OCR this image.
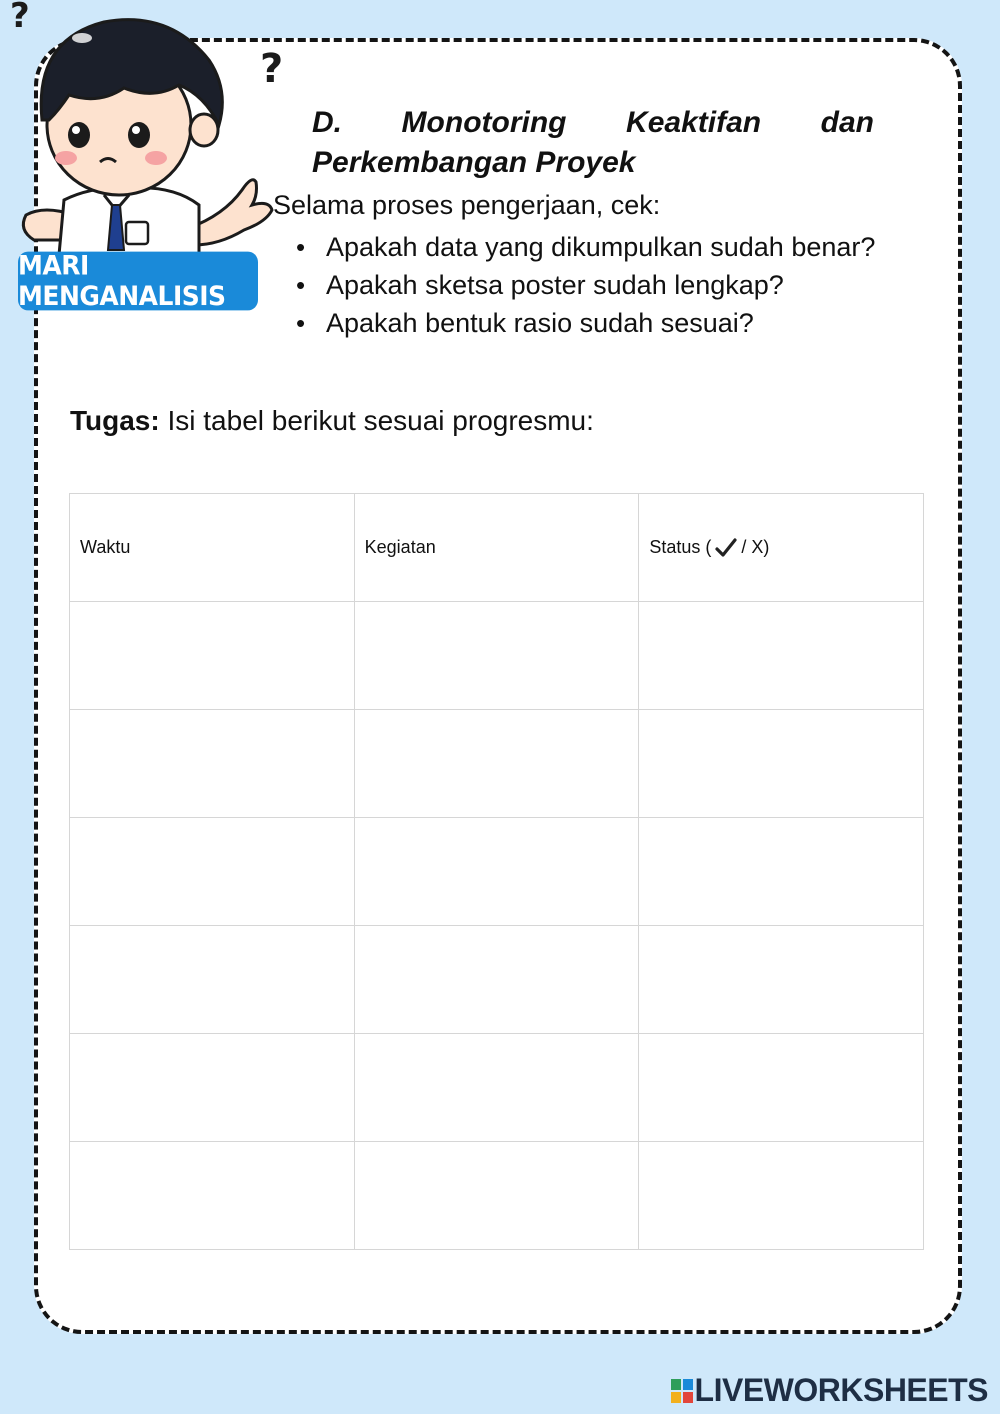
?
?
MARI MENGANALISIS
D. Monotoring Keaktifan dan
Perkembangan Proyek
Selama proses pengerjaan, cek:
• Apakah data yang dikumpulkan sudah benar?
• Apakah sketsa poster sudah lengkap?
• Apakah bentuk rasio sudah sesuai?
Tugas: Isi tabel berikut sesuai progresmu:
Waktu	Kegiatan	Status ( / X)

LIVEWORKSHEETS
